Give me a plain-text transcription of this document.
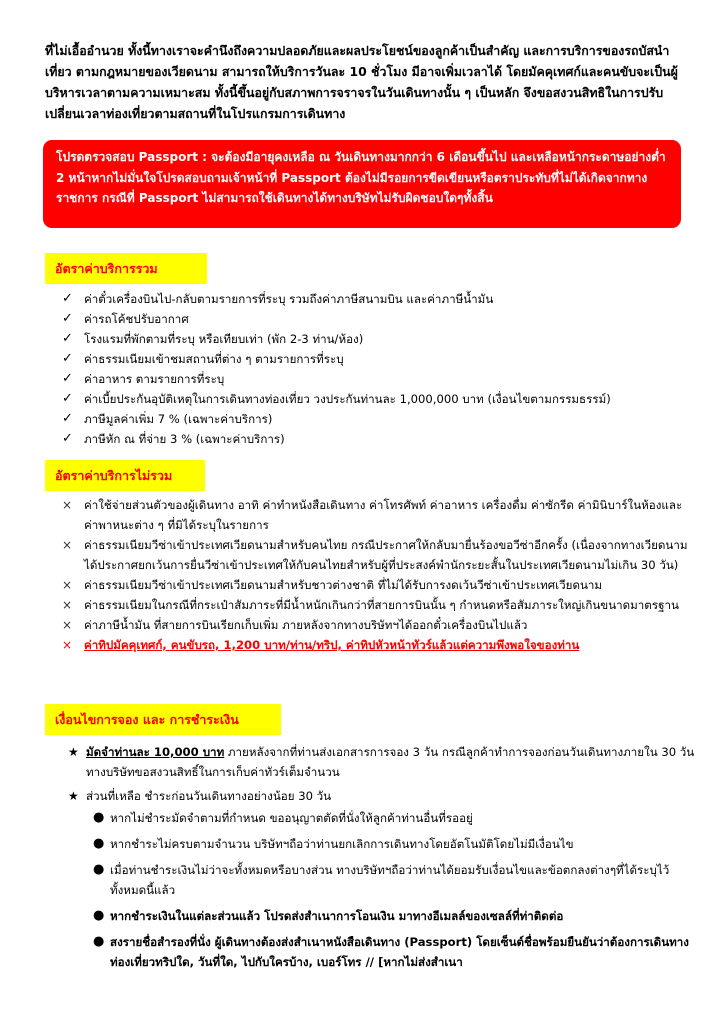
ที่ไม่เอื้ออำนวย ทั้งนี้ทางเราจะคำนึงถึงความปลอดภัยและผลประโยชน์ของลูกค้าเป็นสำคัญ และการบริการของรถบัสนำเที่ยว ตามกฎหมายของเวียดนาม สามารถให้บริการวันละ 10 ชั่วโมง มีอาจเพิ่มเวลาได้ โดยมัคคุเทศก์และคนขับจะเป็นผู้บริหารเวลาตามความเหมาะสม ทั้งนี้ขึ้นอยู่กับสภาพการจราจรในวันเดินทางนั้น ๆ เป็นหลัก จึงขอสงวนสิทธิในการปรับเปลี่ยนเวลาท่องเที่ยวตามสถานที่ในโปรแกรมการเดินทาง
โปรดตรวจสอบ Passport : จะต้องมีอายุคงเหลือ ณ วันเดินทางมากกว่า 6 เดือนขึ้นไป และเหลือหน้ากระดาษอย่างต่ำ 2 หน้าหากไม่มั่นใจโปรดสอบถามเจ้าหน้าที่ Passport ต้องไม่มีรอยการขีดเขียนหรือตราประทับที่ไม่ได้เกิดจากทางราชการ กรณีที่ Passport ไม่สามารถใช้เดินทางได้ทางบริษัทไม่รับผิดชอบใดๆทั้งสิ้น
อัตราค่าบริการรวม
✓ ค่าตั๋วเครื่องบินไป-กลับตามรายการที่ระบุ รวมถึงค่าภาษีสนามบิน และค่าภาษีน้ำมัน
✓ ค่ารถโค้ชปรับอากาศ
✓ โรงแรมที่พักตามที่ระบุ หรือเทียบเท่า (พัก 2-3 ท่าน/ห้อง)
✓ ค่าธรรมเนียมเข้าชมสถานที่ต่าง ๆ ตามรายการที่ระบุ
✓ ค่าอาหาร ตามรายการที่ระบุ
✓ ค่าเบี้ยประกันอุบัติเหตุในการเดินทางท่องเที่ยว วงประกันท่านละ 1,000,000 บาท (เงื่อนไขตามกรรมธรรม์)
✓ ภาษีมูลค่าเพิ่ม 7 % (เฉพาะค่าบริการ)
✓ ภาษีหัก ณ ที่จ่าย 3 % (เฉพาะค่าบริการ)
อัตราค่าบริการไม่รวม
×	ค่าใช้จ่ายส่วนตัวของผู้เดินทาง อาทิ ค่าทำหนังสือเดินทาง ค่าโทรศัพท์ ค่าอาหาร เครื่องดื่ม ค่าซักรีด ค่ามินิบาร์ในห้องและค่าพาหนะต่าง ๆ ที่มิได้ระบุในรายการ
×	ค่าธรรมเนียมวีซ่าเข้าประเทศเวียดนามสำหรับคนไทย กรณีประกาศให้กลับมายื่นร้องขอวีซ่าอีกครั้ง (เนื่องจากทางเวียดนามได้ประกาศยกเว้นการยื่นวีซ่าเข้าประเทศให้กับคนไทยสำหรับผู้ที่ประสงค์พำนักระยะสั้นในประเทศเวียดนามไม่เกิน 30 วัน)
×	ค่าธรรมเนียมวีซ่าเข้าประเทศเวียดนามสำหรับชาวต่างชาติ ที่ไม่ได้รับการงดเว้นวีซ่าเข้าประเทศเวียดนาม
×	ค่าธรรมเนียมในกรณีที่กระเป๋าสัมภาระที่มีน้ำหนักเกินกว่าที่สายการบินนั้น ๆ กำหนดหรือสัมภาระใหญ่เกินขนาดมาตรฐาน
×	ค่าภาษีน้ำมัน ที่สายการบินเรียกเก็บเพิ่ม ภายหลังจากทางบริษัทฯได้ออกตั๋วเครื่องบินไปแล้ว
×	ค่าทิปมัคคุเทศก์, คนขับรถ, 1,200 บาท/ท่าน/ทริป, ค่าทิปหัวหน้าทัวร์แล้วแต่ความพึงพอใจของท่าน
เงื่อนไขการจอง และ การชำระเงิน
★ มัดจำท่านละ 10,000 บาท ภายหลังจากที่ท่านส่งเอกสารการจอง 3 วัน กรณีลูกค้าทำการจองก่อนวันเดินทางภายใน 30 วัน ทางบริษัทขอสงวนสิทธิ์ในการเก็บค่าทัวร์เต็มจำนวน
★ ส่วนที่เหลือ ชำระก่อนวันเดินทางอย่างน้อย 30 วัน
● หากไม่ชำระมัดจำตามที่กำหนด ขออนุญาตตัดที่นั่งให้ลูกค้าท่านอื่นที่รออยู่
● หากชำระไม่ครบตามจำนวน บริษัทฯถือว่าท่านยกเลิกการเดินทางโดยอัตโนมัติโดยไม่มีเงื่อนไข
● เมื่อท่านชำระเงินไม่ว่าจะทั้งหมดหรือบางส่วน ทางบริษัทฯถือว่าท่านได้ยอมรับเงื่อนไขและข้อตกลงต่างๆที่ได้ระบุไว้ทั้งหมดนี้แล้ว
● หากชำระเงินในแต่ละส่วนแล้ว โปรดส่งสำเนาการโอนเงิน มาทางอีเมลล์ของเซลล์ที่ท่าติดต่อ
● สงรายชื่อสำรองที่นั่ง ผู้เดินทางต้องส่งสำเนาหนังสือเดินทาง (Passport) โดยเซ็นต์ชื่อพร้อมยืนยันว่าต้องการเดินทางท่องเที่ยวทริปใด, วันที่ใด, ไปกับใครบ้าง, เบอร์โทร // [หากไม่ส่งสำเนา
